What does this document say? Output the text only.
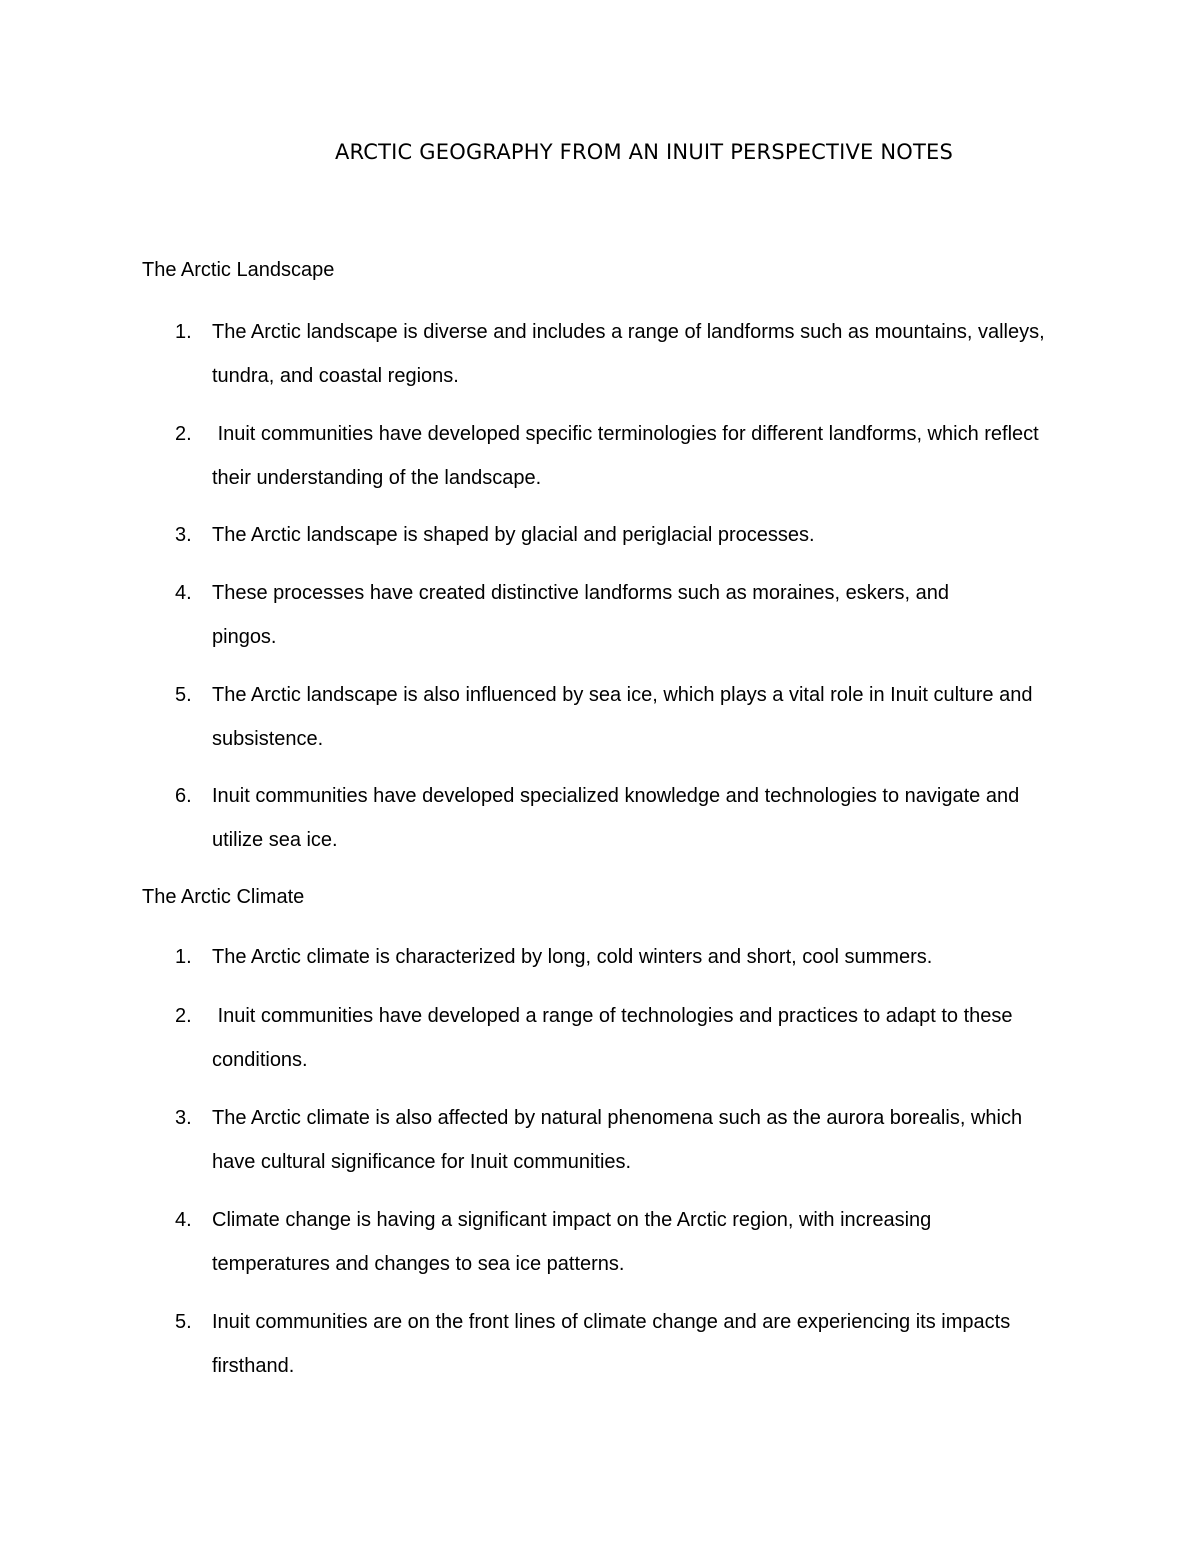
ARCTIC GEOGRAPHY FROM AN INUIT PERSPECTIVE NOTES
The Arctic Landscape
1. The Arctic landscape is diverse and includes a range of landforms such as mountains, valleys, tundra, and coastal regions.
2. Inuit communities have developed specific terminologies for different landforms, which reflect their understanding of the landscape.
3. The Arctic landscape is shaped by glacial and periglacial processes.
4. These processes have created distinctive landforms such as moraines, eskers, and pingos.
5. The Arctic landscape is also influenced by sea ice, which plays a vital role in Inuit culture and subsistence.
6. Inuit communities have developed specialized knowledge and technologies to navigate and utilize sea ice.
The Arctic Climate
1. The Arctic climate is characterized by long, cold winters and short, cool summers.
2. Inuit communities have developed a range of technologies and practices to adapt to these conditions.
3. The Arctic climate is also affected by natural phenomena such as the aurora borealis, which have cultural significance for Inuit communities.
4. Climate change is having a significant impact on the Arctic region, with increasing temperatures and changes to sea ice patterns.
5. Inuit communities are on the front lines of climate change and are experiencing its impacts firsthand.
